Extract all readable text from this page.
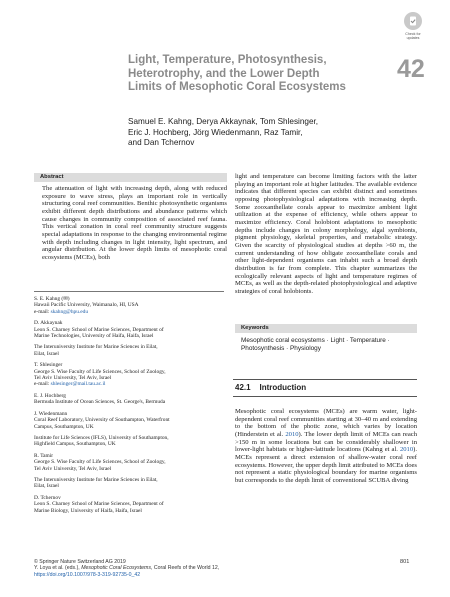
Check for
updates
Light, Temperature, Photosynthesis,
Heterotrophy, and the Lower Depth
Limits of Mesophotic Coral Ecosystems
42
Samuel E. Kahng, Derya Akkaynak, Tom Shlesinger,
Eric J. Hochberg, Jörg Wiedenmann, Raz Tamir,
and Dan Tchernov
Abstract
The attenuation of light with increasing depth, along with reduced exposure to wave stress, plays an important role in vertically structuring coral reef communities. Benthic photosynthetic organisms exhibit different depth distributions and abundance patterns which cause changes in community composition of associated reef fauna. This vertical zonation in coral reef community structure suggests special adaptations in response to the changing environmental regime with depth including changes in light intensity, light spectrum, and angular distribution. At the lower depth limits of mesophotic coral ecosystems (MCEs), both
light and temperature can become limiting factors with the latter playing an important role at higher latitudes. The available evidence indicates that different species can exhibit distinct and sometimes opposing photophysiological adaptations with increasing depth. Some zooxanthellate corals appear to maximize ambient light utilization at the expense of efficiency, while others appear to maximize efficiency. Coral holobiont adaptations to mesophotic depths include changes in colony morphology, algal symbionts, pigment physiology, skeletal properties, and metabolic strategy. Given the scarcity of physiological studies at depths >60 m, the current understanding of how obligate zooxanthellate corals and other light-dependent organisms can inhabit such a broad depth distribution is far from complete. This chapter summarizes the ecologically relevant aspects of light and temperature regimes of MCEs, as well as the depth-related photophysiological and adaptive strategies of coral holobionts.
S. E. Kahng (✉)
Hawaii Pacific University, Waimanalo, HI, USA
e-mail: skahng@hpu.edu
D. Akkaynak
Leon S. Charney School of Marine Sciences, Department of
Marine Technologies, University of Haifa, Haifa, Israel
The Interuniversity Institute for Marine Sciences in Eilat,
Eilat, Israel
T. Shlesinger
George S. Wise Faculty of Life Sciences, School of Zoology,
Tel Aviv University, Tel Aviv, Israel
e-mail: shlesinger@mail.tau.ac.il
E. J. Hochberg
Bermuda Institute of Ocean Sciences, St. George's, Bermuda
J. Wiedenmann
Coral Reef Laboratory, University of Southampton, Waterfront
Campus, Southampton, UK
Institute for Life Sciences (IFLS), University of Southampton,
Highfield Campus, Southampton, UK
R. Tamir
George S. Wise Faculty of Life Sciences, School of Zoology,
Tel Aviv University, Tel Aviv, Israel
The Interuniversity Institute for Marine Sciences in Eilat,
Eilat, Israel
D. Tchernov
Leon S. Charney School of Marine Sciences, Department of
Marine Biology, University of Haifa, Haifa, Israel
Keywords
Mesophotic coral ecosystems · Light · Temperature ·
Photosynthesis · Physiology
42.1 Introduction
Mesophotic coral ecosystems (MCEs) are warm water, light-dependent coral reef communities starting at 30–40 m and extending to the bottom of the photic zone, which varies by location (Hinderstein et al. 2010). The lower depth limit of MCEs can reach >150 m in some locations but can be considerably shallower in lower-light habitats or higher-latitude locations (Kahng et al. 2010). MCEs represent a direct extension of shallow-water coral reef ecosystems. However, the upper depth limit attributed to MCEs does not represent a static physiological boundary for marine organisms but corresponds to the depth limit of conventional SCUBA diving
© Springer Nature Switzerland AG 2019
Y. Loya et al. (eds.), Mesophotic Coral Ecosystems, Coral Reefs of the World 12,
https://doi.org/10.1007/978-3-319-92735-0_42
801
